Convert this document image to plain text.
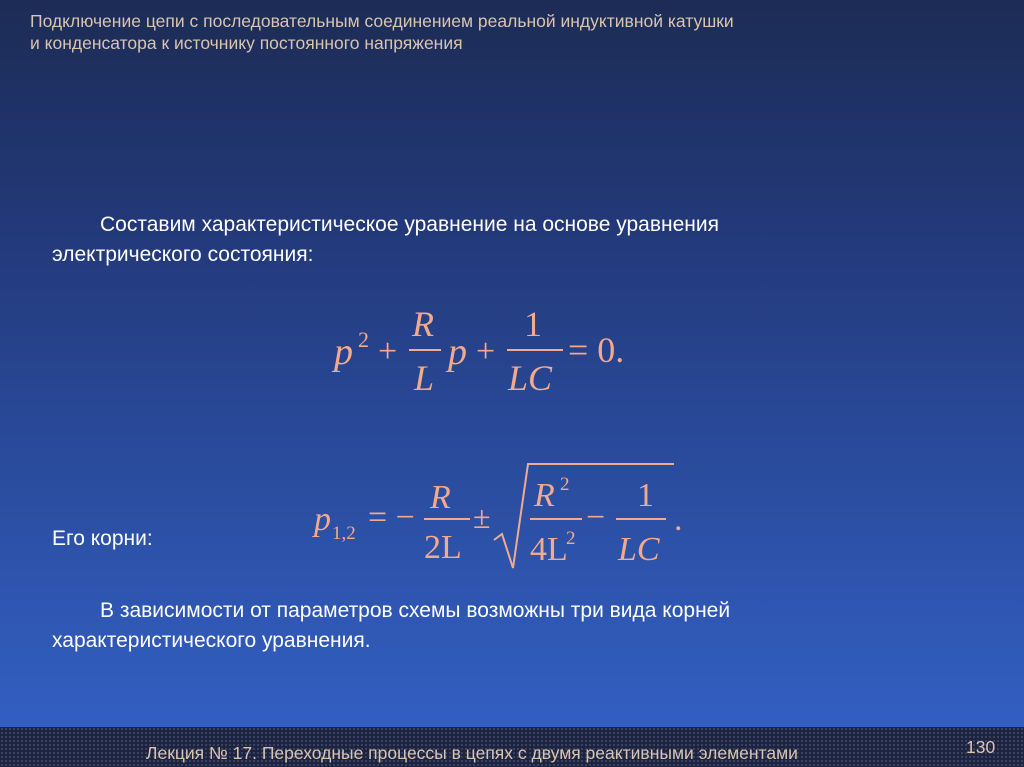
Подключение цепи с последовательным соединением реальной индуктивной катушки
и конденсатора к источнику постоянного напряжения
Составим характеристическое уравнение на основе уравнения
электрического состояния:
p 2 +
R
L
p +
1
LC
= 0.
Его корни:
p 1,2 = −
R
2L
±
R 2
4L
2
−
1
LC
.
В зависимости от параметров схемы возможны три вида корней
характеристического уравнения.
Лекция № 17. Переходные процессы в цепях с двумя реактивными элементами	130
